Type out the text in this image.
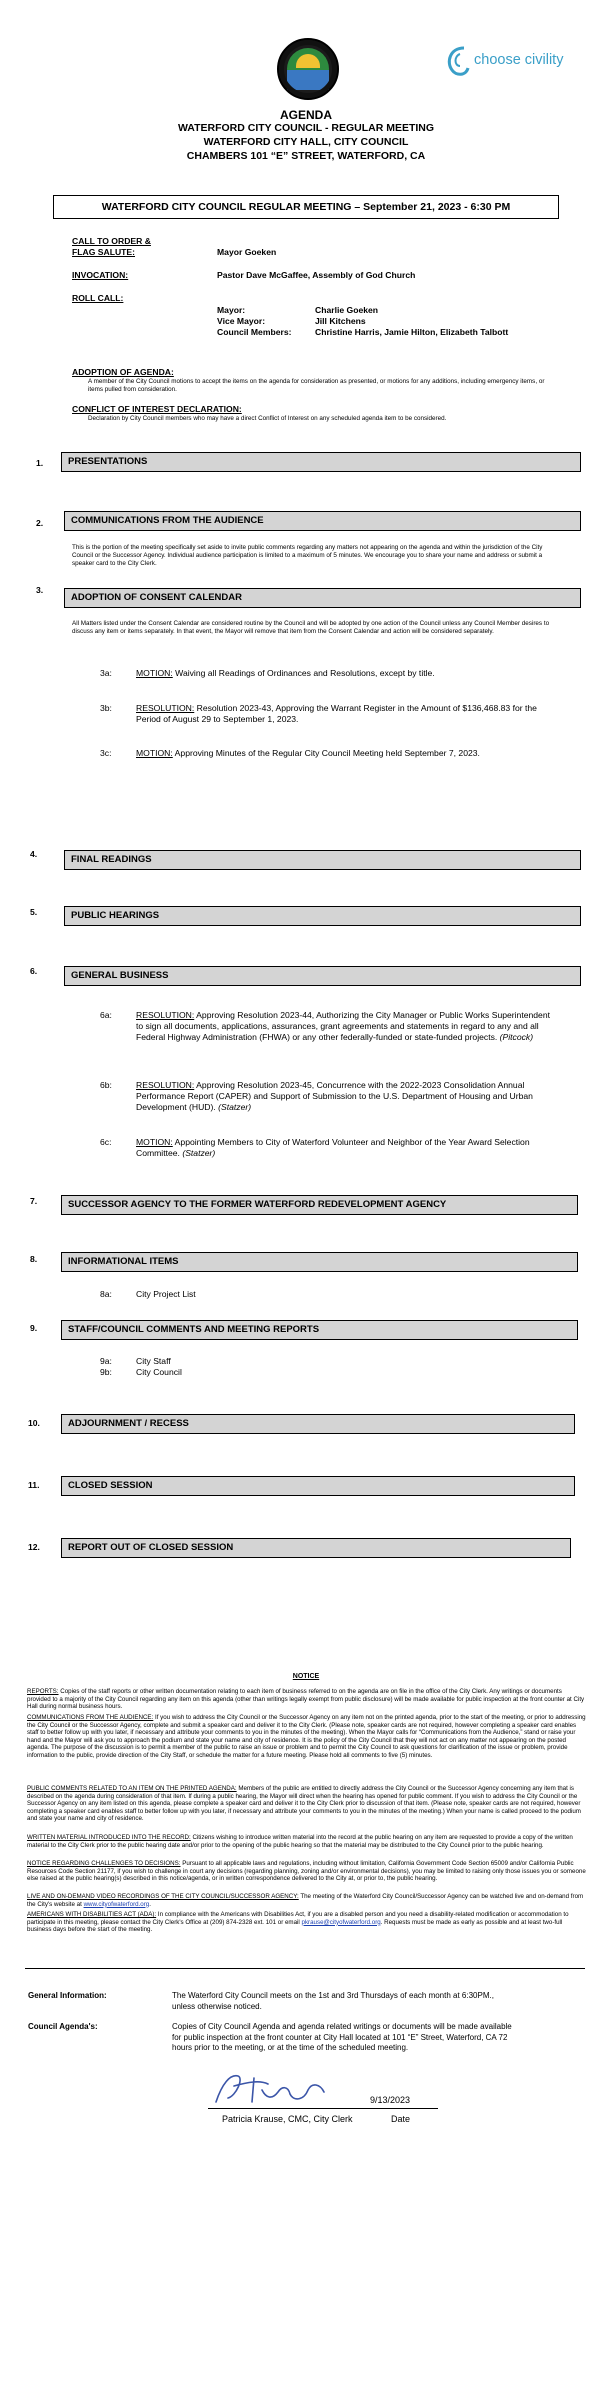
choose civility
AGENDA
WATERFORD CITY COUNCIL - REGULAR MEETING
WATERFORD CITY HALL, CITY COUNCIL
CHAMBERS 101 “E” STREET, WATERFORD, CA
WATERFORD CITY COUNCIL REGULAR MEETING – September 21, 2023 - 6:30 PM
CALL TO ORDER &
FLAG SALUTE:	Mayor Goeken
INVOCATION:	Pastor Dave McGaffee, Assembly of God Church
ROLL CALL:
Mayor:	Charlie Goeken
Vice Mayor:	Jill Kitchens
Council Members:	Christine Harris, Jamie Hilton, Elizabeth Talbott
ADOPTION OF AGENDA:
A member of the City Council motions to accept the items on the agenda for consideration as presented, or motions for any additions, including emergency items, or items pulled from consideration.
CONFLICT OF INTEREST DECLARATION:
Declaration by City Council members who may have a direct Conflict of Interest on any scheduled agenda item to be considered.
1.	PRESENTATIONS
2.	COMMUNICATIONS FROM THE AUDIENCE
This is the portion of the meeting specifically set aside to invite public comments regarding any matters not appearing on the agenda and within the jurisdiction of the City Council or the Successor Agency. Individual audience participation is limited to a maximum of 5 minutes. We encourage you to share your name and address or submit a speaker card to the City Clerk.
3.
ADOPTION OF CONSENT CALENDAR
All Matters listed under the Consent Calendar are considered routine by the Council and will be adopted by one action of the Council unless any Council Member desires to discuss any item or items separately. In that event, the Mayor will remove that item from the Consent Calendar and action will be considered separately.
3a:	MOTION: Waiving all Readings of Ordinances and Resolutions, except by title.
3b:	RESOLUTION: Resolution 2023-43, Approving the Warrant Register in the Amount of $136,468.83 for the Period of August 29 to September 1, 2023.
3c:	MOTION: Approving Minutes of the Regular City Council Meeting held September 7, 2023.
4.	FINAL READINGS
5.	PUBLIC HEARINGS
6.	GENERAL BUSINESS
6a:	RESOLUTION: Approving Resolution 2023-44, Authorizing the City Manager or Public Works Superintendent to sign all documents, applications, assurances, grant agreements and statements in regard to any and all Federal Highway Administration (FHWA) or any other federally-funded or state-funded projects. (Pitcock)
6b:	RESOLUTION: Approving Resolution 2023-45, Concurrence with the 2022-2023 Consolidation Annual Performance Report (CAPER) and Support of Submission to the U.S. Department of Housing and Urban Development (HUD). (Statzer)
6c:	MOTION: Appointing Members to City of Waterford Volunteer and Neighbor of the Year Award Selection Committee. (Statzer)
7.	SUCCESSOR AGENCY TO THE FORMER WATERFORD REDEVELOPMENT AGENCY
8.	INFORMATIONAL ITEMS
8a:	City Project List
9.	STAFF/COUNCIL COMMENTS AND MEETING REPORTS
9a:	City Staff
9b:	City Council
10.	ADJOURNMENT / RECESS
11.	CLOSED SESSION
12.	REPORT OUT OF CLOSED SESSION
NOTICE
REPORTS: Copies of the staff reports or other written documentation relating to each item of business referred to on the agenda are on file in the office of the City Clerk. Any writings or documents provided to a majority of the City Council regarding any item on this agenda (other than writings legally exempt from public disclosure) will be made available for public inspection at the front counter at City Hall during normal business hours.
COMMUNICATIONS FROM THE AUDIENCE: If you wish to address the City Council or the Successor Agency on any item not on the printed agenda, prior to the start of the meeting, or prior to addressing the City Council or the Successor Agency, complete and submit a speaker card and deliver it to the City Clerk. (Please note, speaker cards are not required, however completing a speaker card enables staff to better follow up with you later, if necessary and attribute your comments to you in the minutes of the meeting). When the Mayor calls for “Communications from the Audience,” stand or raise your hand and the Mayor will ask you to approach the podium and state your name and city of residence. It is the policy of the City Council that they will not act on any matter not appearing on the posted agenda. The purpose of the discussion is to permit a member of the public to raise an issue or problem and to permit the City Council to ask questions for clarification of the issue or problem, provide information to the public, provide direction of the City Staff, or schedule the matter for a future meeting. Please hold all comments to five (5) minutes.
PUBLIC COMMENTS RELATED TO AN ITEM ON THE PRINTED AGENDA: Members of the public are entitled to directly address the City Council or the Successor Agency concerning any item that is described on the agenda during consideration of that item. If during a public hearing, the Mayor will direct when the hearing has opened for public comment. If you wish to address the City Council or the Successor Agency on any item listed on this agenda, please complete a speaker card and deliver it to the City Clerk prior to discussion of that item. (Please note, speaker cards are not required, however completing a speaker card enables staff to better follow up with you later, if necessary and attribute your comments to you in the minutes of the meeting.) When your name is called proceed to the podium and state your name and city of residence.
WRITTEN MATERIAL INTRODUCED INTO THE RECORD: Citizens wishing to introduce written material into the record at the public hearing on any item are requested to provide a copy of the written material to the City Clerk prior to the public hearing date and/or prior to the opening of the public hearing so that the material may be distributed to the City Council prior to the public hearing.
NOTICE REGARDING CHALLENGES TO DECISIONS: Pursuant to all applicable laws and regulations, including without limitation, California Government Code Section 65009 and/or California Public Resources Code Section 21177, if you wish to challenge in court any decisions (regarding planning, zoning and/or environmental decisions), you may be limited to raising only those issues you or someone else raised at the public hearing(s) described in this notice/agenda, or in written correspondence delivered to the City at, or prior to, the public hearing.
LIVE AND ON-DEMAND VIDEO RECORDINGS OF THE CITY COUNCIL/SUCCESSOR AGENCY: The meeting of the Waterford City Council/Successor Agency can be watched live and on-demand from the City's website at www.cityofwaterford.org.
AMERICANS WITH DISABILITIES ACT (ADA): In compliance with the Americans with Disabilities Act, if you are a disabled person and you need a disability-related modification or accommodation to participate in this meeting, please contact the City Clerk's Office at (209) 874-2328 ext. 101 or email pkrause@cityofwaterford.org. Requests must be made as early as possible and at least two-full business days before the start of the meeting.
General Information:	The Waterford City Council meets on the 1st and 3rd Thursdays of each month at 6:30PM., unless otherwise noticed.
Council Agenda's:	Copies of City Council Agenda and agenda related writings or documents will be made available for public inspection at the front counter at City Hall located at 101 “E” Street, Waterford, CA 72 hours prior to the meeting, or at the time of the scheduled meeting.
9/13/2023
Patricia Krause, CMC, City Clerk	Date
